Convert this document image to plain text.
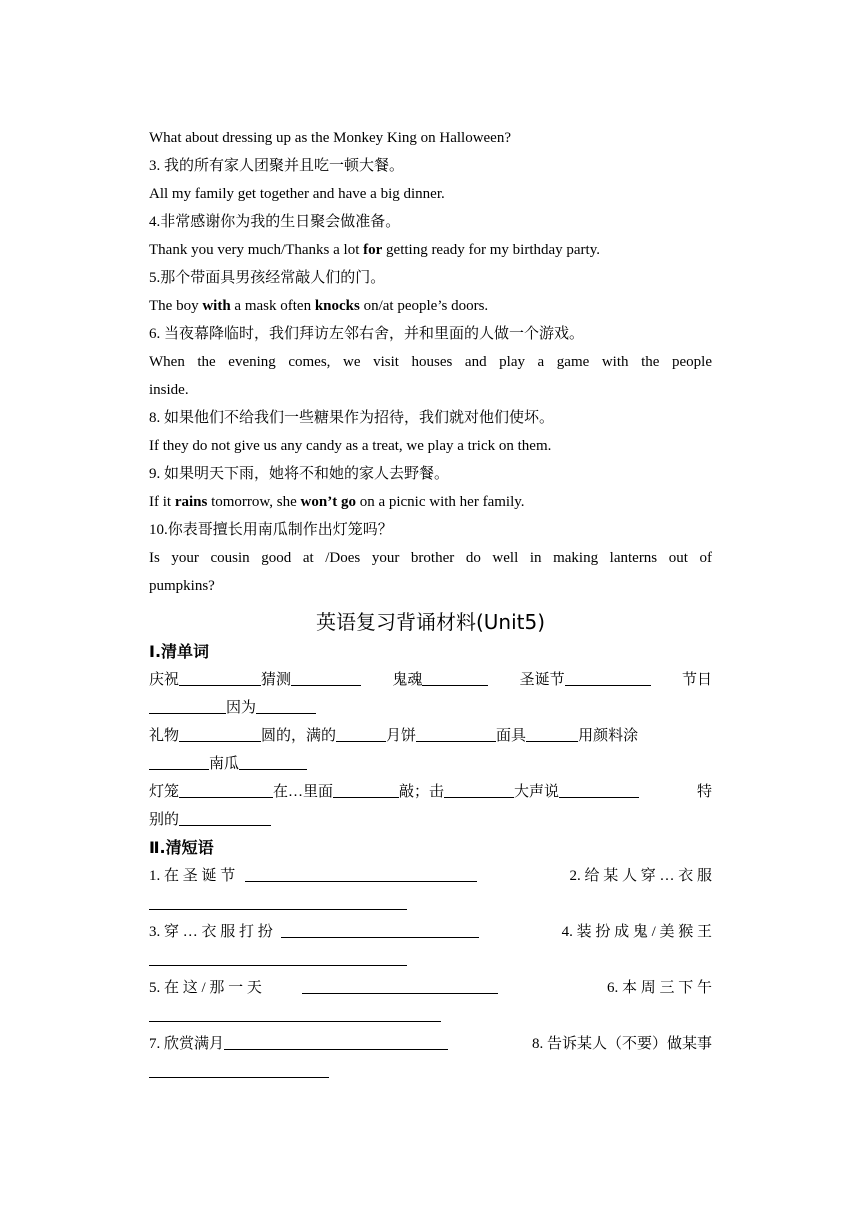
What about dressing up as the Monkey King on Halloween?
3. 我的所有家人团聚并且吃一顿大餐。
All my family get together and have a big dinner.
4.非常感谢你为我的生日聚会做准备。
Thank you very much/Thanks a lot for getting ready for my birthday party.
5.那个带面具男孩经常敲人们的门。
The boy with a mask often knocks on/at people’s doors.
6. 当夜幕降临时，我们拜访左邻右舍，并和里面的人做一个游戏。
When the evening comes, we visit houses and play a game with the people
inside.
8. 如果他们不给我们一些糖果作为招待，我们就对他们使坏。
If they do not give us any candy as a treat, we play a trick on them.
9. 如果明天下雨，她将不和她的家人去野餐。
If it rains tomorrow, she won’t go on a picnic with her family.
10.你表哥擅长用南瓜制作出灯笼吗？
Is your cousin good at /Does your brother do well in making lanterns out of
pumpkins?
英语复习背诵材料(Unit5)
Ⅰ.清单词
庆祝	猜测	鬼魂	圣诞节	节日
因为
礼物	圆的，满的	月饼	面具	用颜料涂
南瓜
灯笼	在…里面	敲；击	大声说	特
别的
Ⅱ.清短语
1. 在 圣 诞 节	2. 给 某 人 穿 … 衣 服
3. 穿 … 衣 服 打 扮	4. 装 扮 成 鬼 / 美 猴 王
5. 在 这 / 那 一 天	6. 本 周 三 下 午
7. 欣赏满月	8. 告诉某人（不要）做某事
